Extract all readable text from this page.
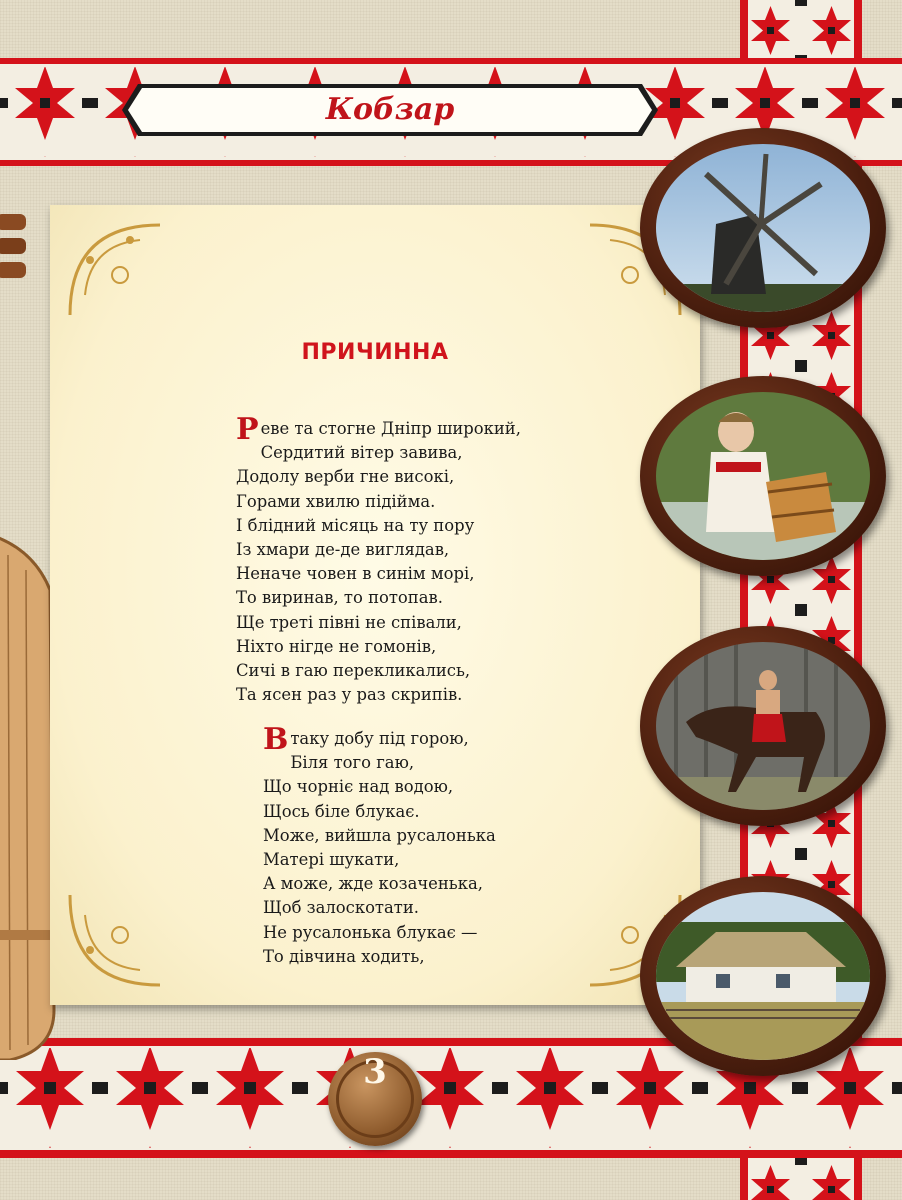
Кобзар
ПРИЧИННА
Реве та стогне Дніпр широкий,
Сердитий вітер завива,
Додолу верби гне високі,
Горами хвилю підійма.
І блідний місяць на ту пору
Із хмари де-де виглядав,
Неначе човен в синім морі,
То виринав, то потопав.
Ще треті півні не співали,
Ніхто нігде не гомонів,
Сичі в гаю перекликались,
Та ясен раз у раз скрипів.
В таку добу під горою,
Біля того гаю,
Що чорніє над водою,
Щось біле блукає.
Може, вийшла русалонька
Матері шукати,
А може, жде козаченька,
Щоб залоскотати.
Не русалонька блукає —
То дівчина ходить,
3
